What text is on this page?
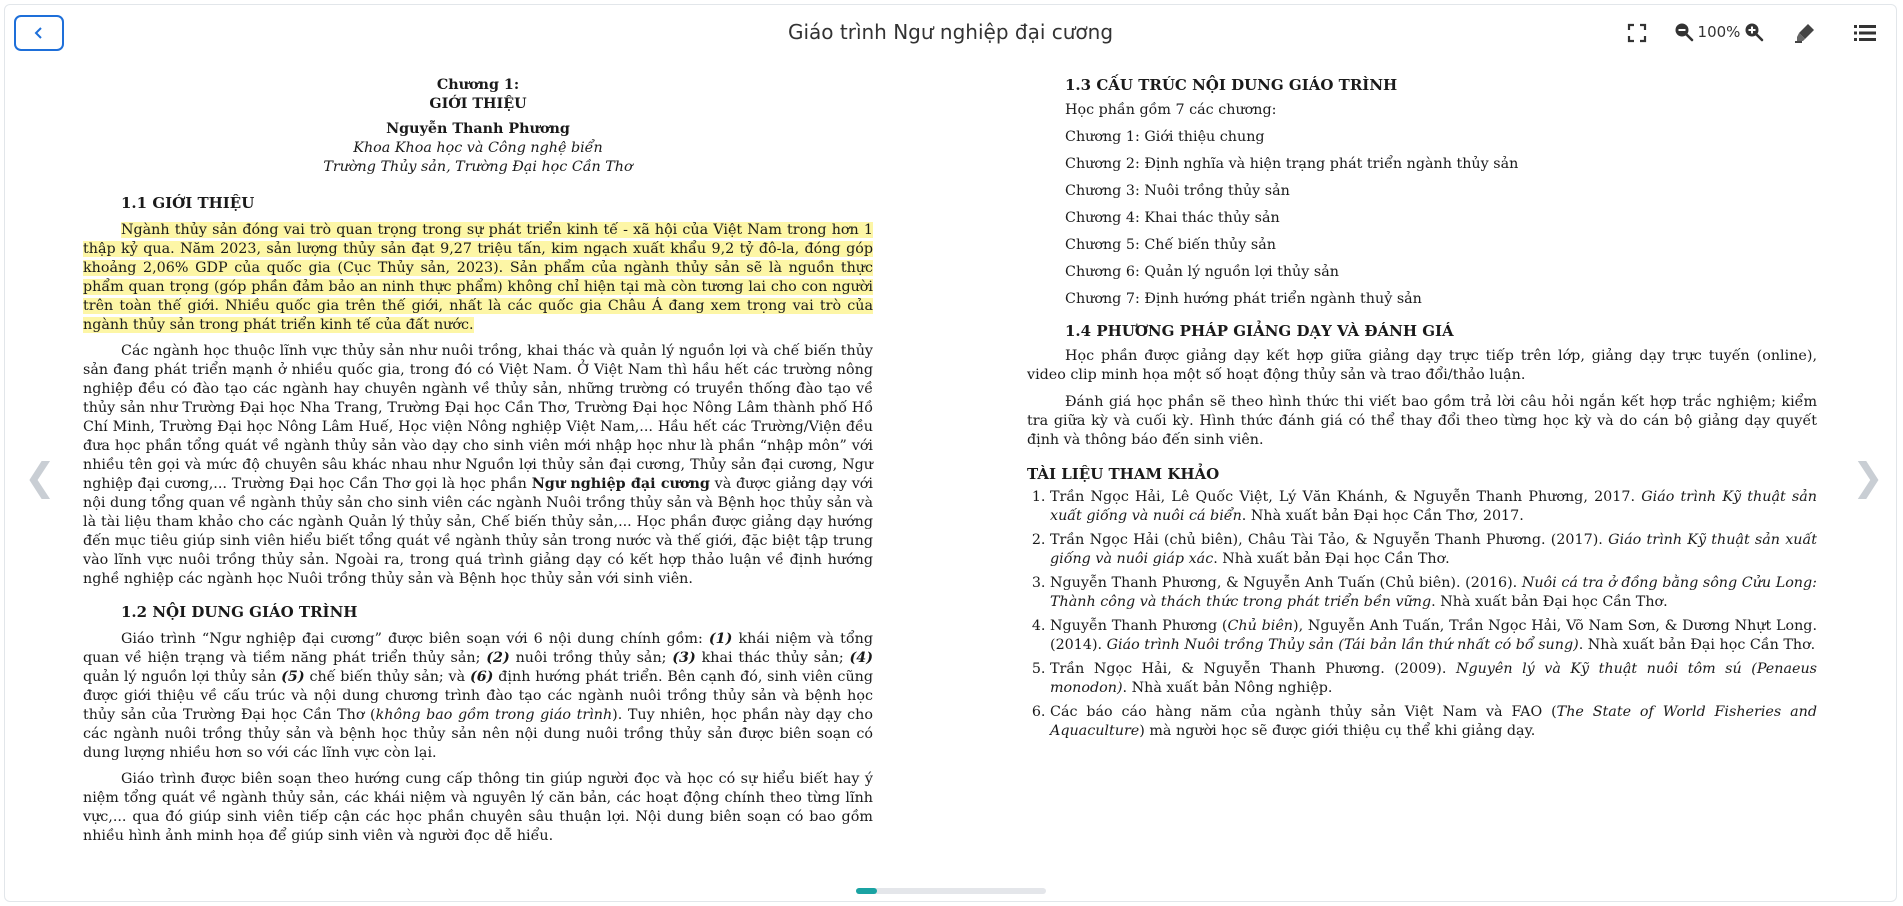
Giáo trình Ngư nghiệp đại cương	100%
Chương 1:
GIỚI THIỆU
Nguyễn Thanh Phương
Khoa Khoa học và Công nghệ biển
Trường Thủy sản, Trường Đại học Cần Thơ
1.1 GIỚI THIỆU

Ngành thủy sản đóng vai trò quan trọng trong sự phát triển kinh tế - xã hội của Việt Nam trong hơn 1 thập kỷ qua. Năm 2023, sản lượng thủy sản đạt 9,27 triệu tấn, kim ngạch xuất khẩu 9,2 tỷ đô-la, đóng góp khoảng 2,06% GDP của quốc gia (Cục Thủy sản, 2023). Sản phẩm của ngành thủy sản sẽ là nguồn thực phẩm quan trọng (góp phần đảm bảo an ninh thực phẩm) không chỉ hiện tại mà còn tương lai cho con người trên toàn thế giới. Nhiều quốc gia trên thế giới, nhất là các quốc gia Châu Á đang xem trọng vai trò của ngành thủy sản trong phát triển kinh tế của đất nước.

Các ngành học thuộc lĩnh vực thủy sản như nuôi trồng, khai thác và quản lý nguồn lợi và chế biến thủy sản đang phát triển mạnh ở nhiều quốc gia, trong đó có Việt Nam. Ở Việt Nam thì hầu hết các trường nông nghiệp đều có đào tạo các ngành hay chuyên ngành về thủy sản, những trường có truyền thống đào tạo về thủy sản như Trường Đại học Nha Trang, Trường Đại học Cần Thơ, Trường Đại học Nông Lâm thành phố Hồ Chí Minh, Trường Đại học Nông Lâm Huế, Học viện Nông nghiệp Việt Nam,... Hầu hết các Trường/Viện đều đưa học phần tổng quát về ngành thủy sản vào dạy cho sinh viên mới nhập học như là phần “nhập môn” với nhiều tên gọi và mức độ chuyên sâu khác nhau như Nguồn lợi thủy sản đại cương, Thủy sản đại cương, Ngư nghiệp đại cương,... Trường Đại học Cần Thơ gọi là học phần Ngư nghiệp đại cương và được giảng dạy với nội dung tổng quan về ngành thủy sản cho sinh viên các ngành Nuôi trồng thủy sản và Bệnh học thủy sản và là tài liệu tham khảo cho các ngành Quản lý thủy sản, Chế biến thủy sản,... Học phần được giảng dạy hướng đến mục tiêu giúp sinh viên hiểu biết tổng quát về ngành thủy sản trong nước và thế giới, đặc biệt tập trung vào lĩnh vực nuôi trồng thủy sản. Ngoài ra, trong quá trình giảng dạy có kết hợp thảo luận về định hướng nghề nghiệp các ngành học Nuôi trồng thủy sản và Bệnh học thủy sản với sinh viên.

1.2 NỘI DUNG GIÁO TRÌNH

Giáo trình “Ngư nghiệp đại cương” được biên soạn với 6 nội dung chính gồm: (1) khái niệm và tổng quan về hiện trạng và tiềm năng phát triển thủy sản; (2) nuôi trồng thủy sản; (3) khai thác thủy sản; (4) quản lý nguồn lợi thủy sản (5) chế biến thủy sản; và (6) định hướng phát triển. Bên cạnh đó, sinh viên cũng được giới thiệu về cấu trúc và nội dung chương trình đào tạo các ngành nuôi trồng thủy sản và bệnh học thủy sản của Trường Đại học Cần Thơ (không bao gồm trong giáo trình). Tuy nhiên, học phần này dạy cho các ngành nuôi trồng thủy sản và bệnh học thủy sản nên nội dung nuôi trồng thủy sản được biên soạn có dung lượng nhiều hơn so với các lĩnh vực còn lại.

Giáo trình được biên soạn theo hướng cung cấp thông tin giúp người đọc và học có sự hiểu biết hay ý niệm tổng quát về ngành thủy sản, các khái niệm và nguyên lý căn bản, các hoạt động chính theo từng lĩnh vực,... qua đó giúp sinh viên tiếp cận các học phần chuyên sâu thuận lợi. Nội dung biên soạn có bao gồm nhiều hình ảnh minh họa để giúp sinh viên và người đọc dễ hiểu.

1.3 CẤU TRÚC NỘI DUNG GIÁO TRÌNH
Học phần gồm 7 các chương:
Chương 1: Giới thiệu chung
Chương 2: Định nghĩa và hiện trạng phát triển ngành thủy sản
Chương 3: Nuôi trồng thủy sản
Chương 4: Khai thác thủy sản
Chương 5: Chế biến thủy sản
Chương 6: Quản lý nguồn lợi thủy sản
Chương 7: Định hướng phát triển ngành thuỷ sản
1.4 PHƯƠNG PHÁP GIẢNG DẠY VÀ ĐÁNH GIÁ

Học phần được giảng dạy kết hợp giữa giảng dạy trực tiếp trên lớp, giảng dạy trực tuyến (online), video clip minh họa một số hoạt động thủy sản và trao đổi/thảo luận.

Đánh giá học phần sẽ theo hình thức thi viết bao gồm trả lời câu hỏi ngắn kết hợp trắc nghiệm; kiểm tra giữa kỳ và cuối kỳ. Hình thức đánh giá có thể thay đổi theo từng học kỳ và do cán bộ giảng dạy quyết định và thông báo đến sinh viên.

TÀI LIỆU THAM KHẢO
1. Trần Ngọc Hải, Lê Quốc Việt, Lý Văn Khánh, & Nguyễn Thanh Phương, 2017. Giáo trình Kỹ thuật sản xuất giống và nuôi cá biển. Nhà xuất bản Đại học Cần Thơ, 2017.
2. Trần Ngọc Hải (chủ biên), Châu Tài Tảo, & Nguyễn Thanh Phương. (2017). Giáo trình Kỹ thuật sản xuất giống và nuôi giáp xác. Nhà xuất bản Đại học Cần Thơ.
3. Nguyễn Thanh Phương, & Nguyễn Anh Tuấn (Chủ biên). (2016). Nuôi cá tra ở đồng bằng sông Cửu Long: Thành công và thách thức trong phát triển bền vững. Nhà xuất bản Đại học Cần Thơ.
4. Nguyễn Thanh Phương (Chủ biên), Nguyễn Anh Tuấn, Trần Ngọc Hải, Võ Nam Sơn, & Dương Nhựt Long. (2014). Giáo trình Nuôi trồng Thủy sản (Tái bản lần thứ nhất có bổ sung). Nhà xuất bản Đại học Cần Thơ.
5. Trần Ngọc Hải, & Nguyễn Thanh Phương. (2009). Nguyên lý và Kỹ thuật nuôi tôm sú (Penaeus monodon). Nhà xuất bản Nông nghiệp.
6. Các báo cáo hàng năm của ngành thủy sản Việt Nam và FAO (The State of World Fisheries and Aquaculture) mà người học sẽ được giới thiệu cụ thể khi giảng dạy.
❮	❯
